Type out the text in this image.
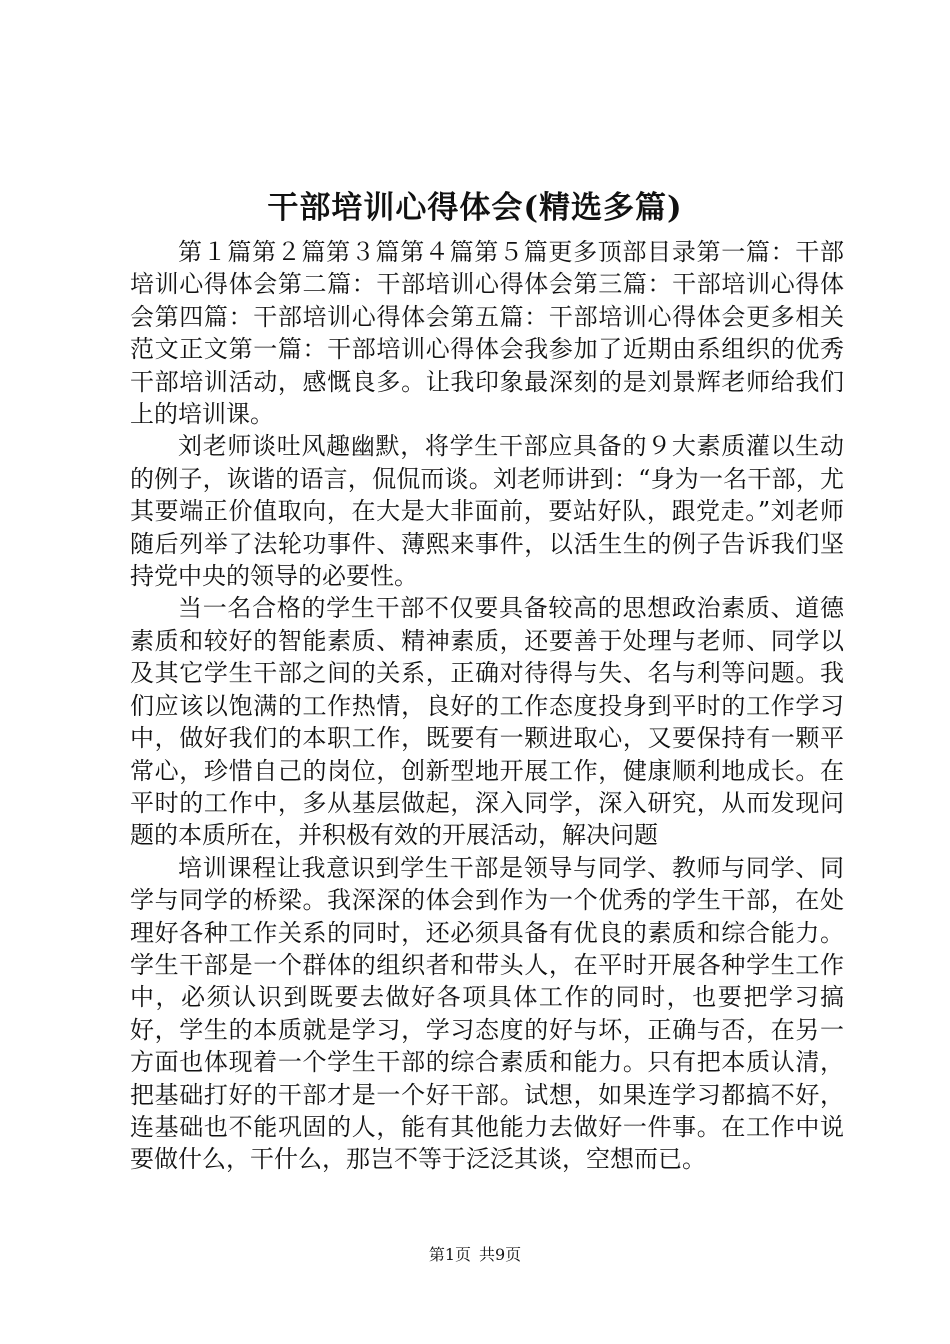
干部培训心得体会(精选多篇)

第１篇第２篇第３篇第４篇第５篇更多顶部目录第一篇：干部培训心得体会第二篇：干部培训心得体会第三篇：干部培训心得体会第四篇：干部培训心得体会第五篇：干部培训心得体会更多相关范文正文第一篇：干部培训心得体会我参加了近期由系组织的优秀干部培训活动，感慨良多。让我印象最深刻的是刘景辉老师给我们上的培训课。

刘老师谈吐风趣幽默，将学生干部应具备的９大素质灌以生动的例子，诙谐的语言，侃侃而谈。刘老师讲到：“身为一名干部，尤其要端正价值取向，在大是大非面前，要站好队，跟党走。”刘老师随后列举了法轮功事件、薄熙来事件，以活生生的例子告诉我们坚持党中央的领导的必要性。

当一名合格的学生干部不仅要具备较高的思想政治素质、道德素质和较好的智能素质、精神素质，还要善于处理与老师、同学以及其它学生干部之间的关系，正确对待得与失、名与利等问题。我们应该以饱满的工作热情，良好的工作态度投身到平时的工作学习中，做好我们的本职工作，既要有一颗进取心，又要保持有一颗平常心，珍惜自己的岗位，创新型地开展工作，健康顺利地成长。在平时的工作中，多从基层做起，深入同学，深入研究，从而发现问题的本质所在，并积极有效的开展活动，解决问题

培训课程让我意识到学生干部是领导与同学、教师与同学、同学与同学的桥梁。我深深的体会到作为一个优秀的学生干部，在处理好各种工作关系的同时，还必须具备有优良的素质和综合能力。学生干部是一个群体的组织者和带头人，在平时开展各种学生工作中，必须认识到既要去做好各项具体工作的同时，也要把学习搞好，学生的本质就是学习，学习态度的好与坏，正确与否，在另一方面也体现着一个学生干部的综合素质和能力。只有把本质认清，把基础打好的干部才是一个好干部。试想，如果连学习都搞不好，连基础也不能巩固的人，能有其他能力去做好一件事。在工作中说要做什么，干什么，那岂不等于泛泛其谈，空想而已。

第1页 共9页
